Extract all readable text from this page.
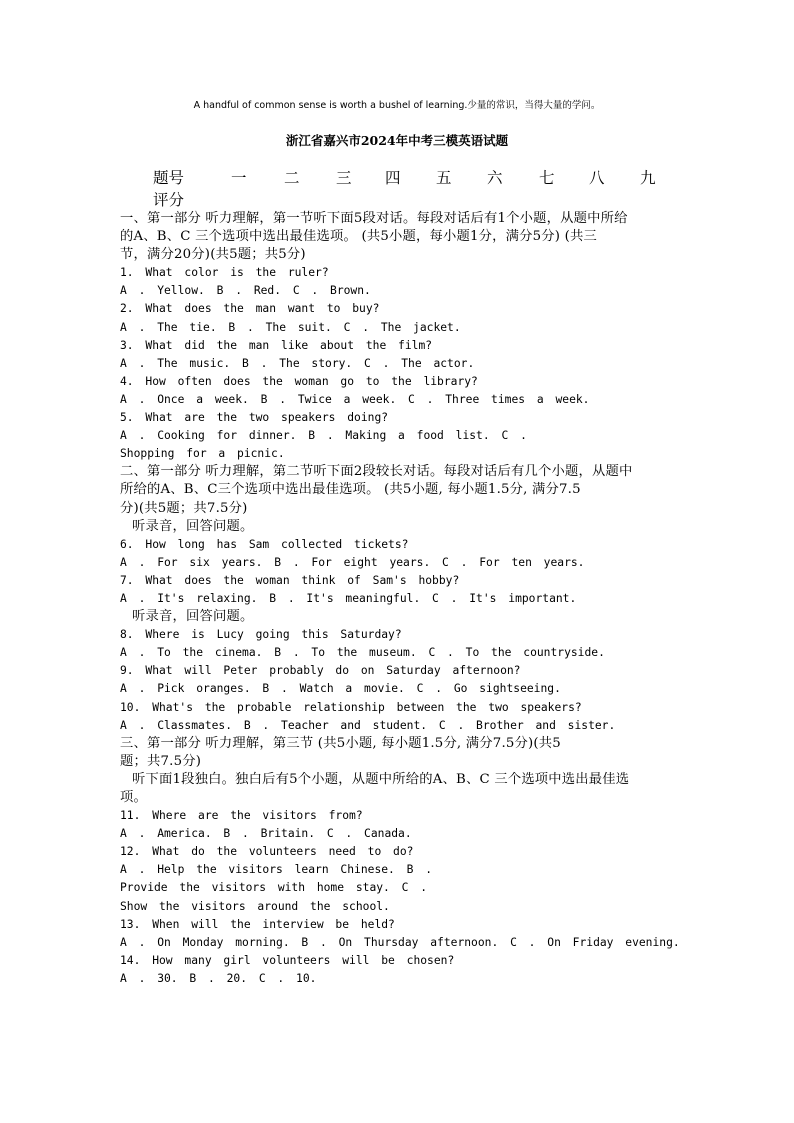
A handful of common sense is worth a bushel of learning.少量的常识，当得大量的学问。
浙江省嘉兴市2024年中考三模英语试题
题号	一 二 三 四 五 六 七 八 九
评分
一、第一部分 听力理解，第一节听下面5段对话。每段对话后有1个小题，从题中所给
的A、B、C 三个选项中选出最佳选项。 (共5小题，每小题1分，满分5分) (共三
节，满分20分)(共5题；共5分)
1. What color is the ruler?
A . Yellow. B . Red. C . Brown.
2. What does the man want to buy?
A . The tie. B . The suit. C . The jacket.
3. What did the man like about the film?
A . The music. B . The story. C . The actor.
4. How often does the woman go to the library?
A . Once a week. B . Twice a week. C . Three times a week.
5. What are the two speakers doing?
A . Cooking for dinner. B . Making a food list. C .
Shopping for a picnic.
二、第一部分 听力理解，第二节听下面2段较长对话。每段对话后有几个小题，从题中
所给的A、B、C三个选项中选出最佳选项。 (共5小题, 每小题1.5分, 满分7.5
分)(共5题；共7.5分)
听录音，回答问题。
6. How long has Sam collected tickets?
A . For six years. B . For eight years. C . For ten years.
7. What does the woman think of Sam's hobby?
A . It's relaxing. B . It's meaningful. C . It's important.
听录音，回答问题。
8. Where is Lucy going this Saturday?
A . To the cinema. B . To the museum. C . To the countryside.
9. What will Peter probably do on Saturday afternoon?
A . Pick oranges. B . Watch a movie. C . Go sightseeing.
10. What's the probable relationship between the two speakers?
A . Classmates. B . Teacher and student. C . Brother and sister.
三、第一部分 听力理解，第三节 (共5小题, 每小题1.5分, 满分7.5分)(共5
题；共7.5分)
听下面1段独白。独白后有5个小题，从题中所给的A、B、C 三个选项中选出最佳选
项。
11. Where are the visitors from?
A . America. B . Britain. C . Canada.
12. What do the volunteers need to do?
A . Help the visitors learn Chinese. B .
Provide the visitors with home stay. C .
Show the visitors around the school.
13. When will the interview be held?
A . On Monday morning. B . On Thursday afternoon. C . On Friday evening.
14. How many girl volunteers will be chosen?
A . 30. B . 20. C . 10.
